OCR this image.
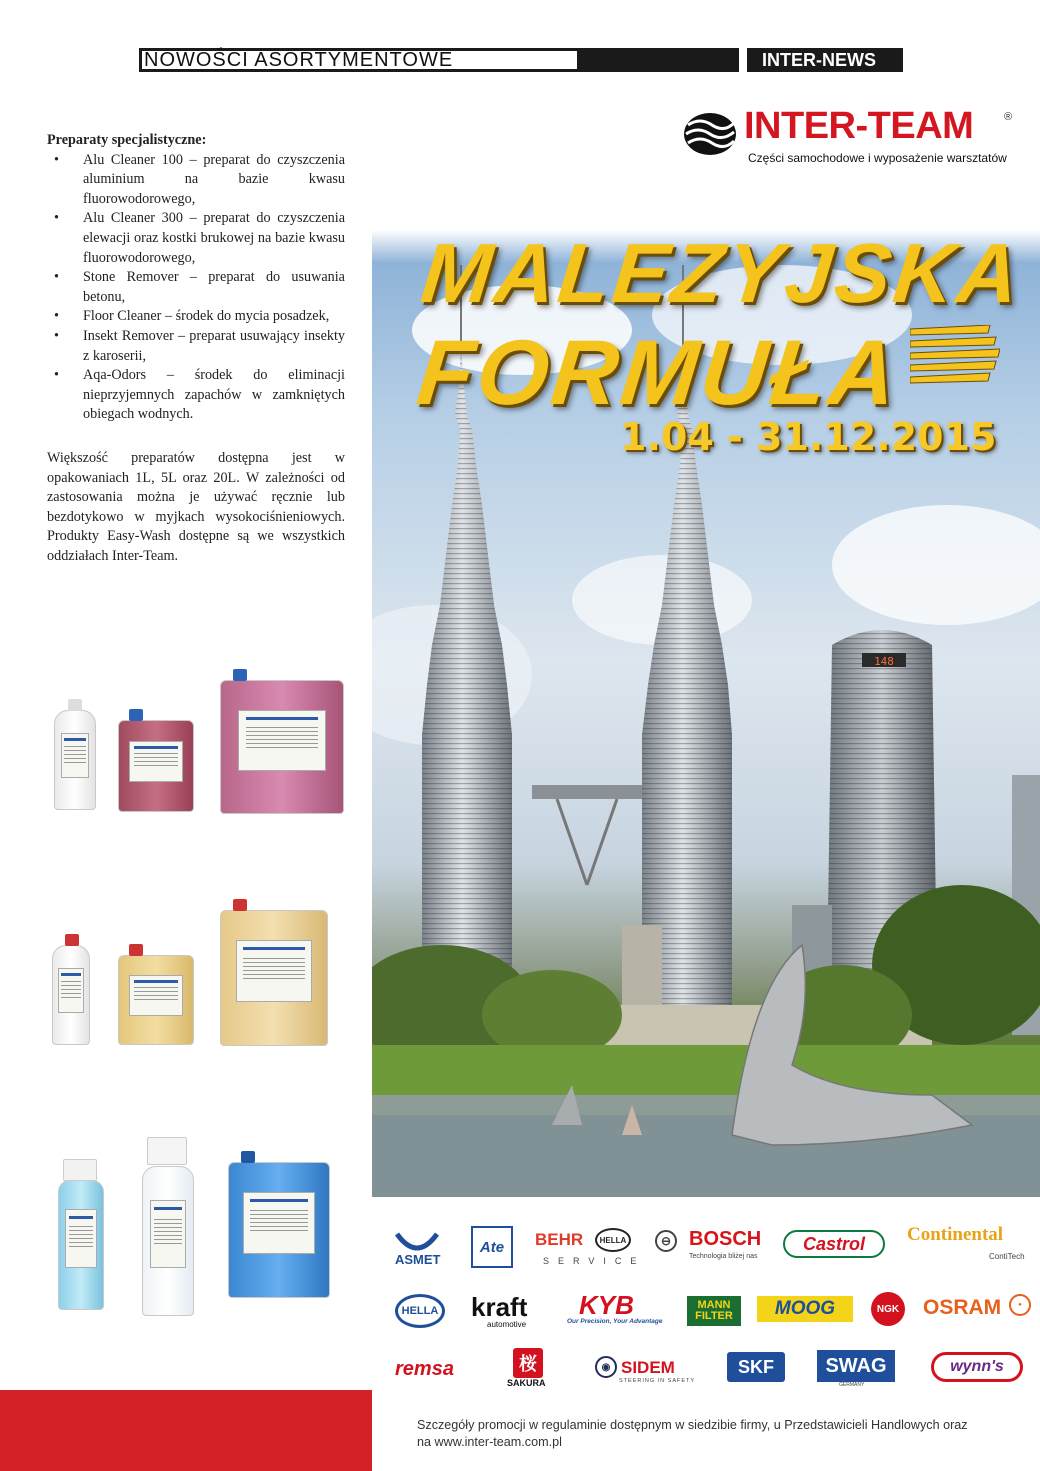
NOWOŚCI ASORTYMENTOWE	INTER-NEWS
Preparaty specjalistyczne:
• Alu Cleaner 100 – preparat do czyszczenia aluminium na bazie kwasu fluorowodorowego,
• Alu Cleaner 300 – preparat do czyszczenia elewacji oraz kostki brukowej na bazie kwasu fluorowodorowego,
• Stone Remover – preparat do usuwania betonu,
• Floor Cleaner – środek do mycia posadzek,
• Insekt Remover – preparat usuwający insekty z karoserii,
• Aqa-Odors – środek do eliminacji nieprzyjemnych zapachów w zamkniętych obiegach wodnych.

Większość preparatów dostępna jest w opakowaniach 1L, 5L oraz 20L. W zależności od zastosowania można je używać ręcznie lub bezdotykowo w myjkach wysokociśnieniowych. Produkty Easy-Wash dostępne są we wszystkich oddziałach Inter-Team.

148
INTER-TEAM	®
Części samochodowe i wyposażenie warsztatów
MALEZYJSKA
FORMUŁA
1.04 - 31.12.2015
ASMET
Ate	BEHR	HELLA
SERVICE
⊖ BOSCH
Technologia bliżej nas
Castrol	Continental
ContiTech
HELLA kraft
automotive
KYB
Our Precision, Your Advantage
MANN FILTER	MOOG	NGK OSRAM	●
remsa	桜
SAKURA
◉ SIDEM
STEERING IN SAFETY
SKF	SWAG
GERMANY
wynn's
Szczegóły promocji w regulaminie dostępnym w siedzibie firmy, u Przedstawicieli Handlowych oraz
na www.inter-team.com.pl
